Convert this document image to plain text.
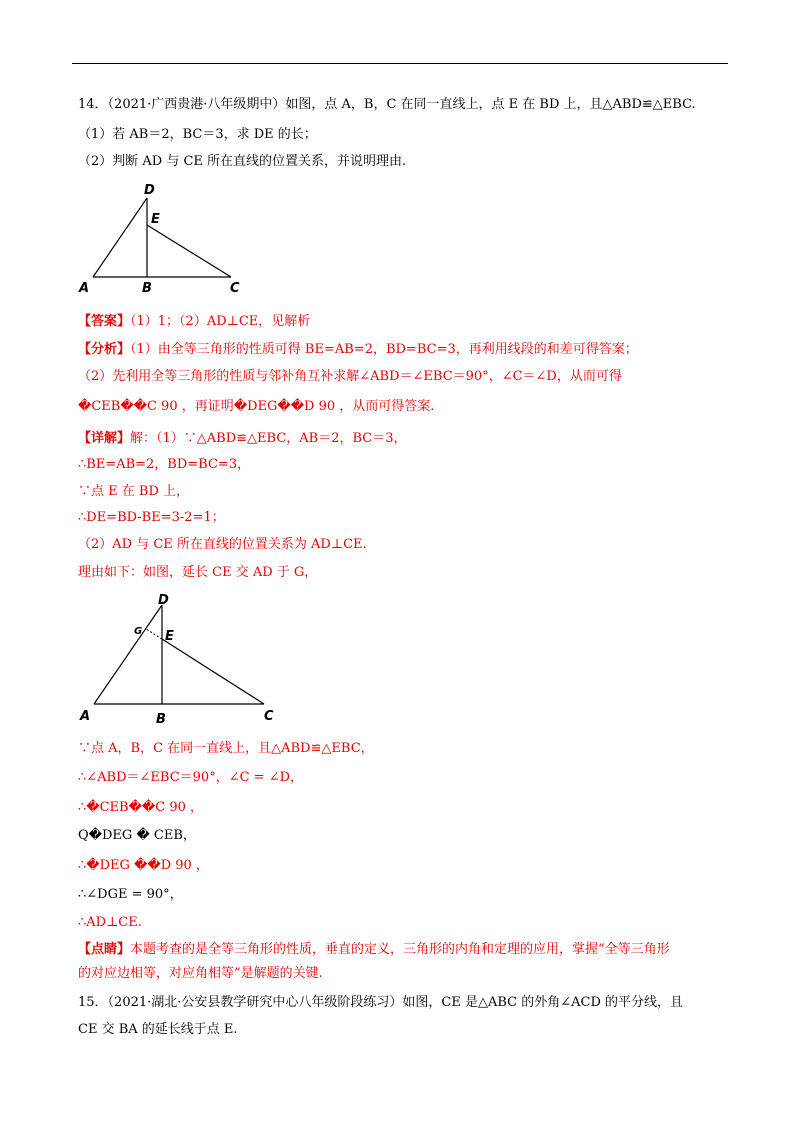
14．（2021·广西贵港·八年级期中）如图，点 A，B，C 在同一直线上，点 E 在 BD 上，且△ABD≌△EBC.
（1）若 AB＝2，BC＝3，求 DE 的长；
（2）判断 AD 与 CE 所在直线的位置关系，并说明理由.
D
E
A	B	C
【答案】（1）1；（2）AD⊥CE，见解析
【分析】（1）由全等三角形的性质可得 BE=AB=2，BD=BC=3，再利用线段的和差可得答案；
（2）先利用全等三角形的性质与邻补角互补求解∠ABD＝∠EBC＝90°，∠C＝∠D，从而可得
�CEB��C 90 ，再证明�DEG��D 90 ，从而可得答案.
【详解】解：（1）∵△ABD≌△EBC，AB＝2，BC＝3，
∴BE=AB=2，BD=BC=3，
∵点 E 在 BD 上，
∴DE=BD-BE=3-2=1；
（2）AD 与 CE 所在直线的位置关系为 AD⊥CE.
理由如下：如图，延长 CE 交 AD 于 G，
D
G E
A	B	C
∵点 A，B，C 在同一直线上，且△ABD≌△EBC，
∴∠ABD＝∠EBC＝90°，∠C = ∠D，
∴�CEB��C 90 ，
Q�DEG � CEB，
∴�DEG ��D 90 ，
∴∠DGE = 90°，
∴AD⊥CE.
【点睛】本题考查的是全等三角形的性质，垂直的定义，三角形的内角和定理的应用，掌握“全等三角形
的对应边相等，对应角相等”是解题的关键.
15．（2021·湖北·公安县教学研究中心八年级阶段练习）如图，CE 是△ABC 的外角∠ACD 的平分线，且
CE 交 BA 的延长线于点 E.
